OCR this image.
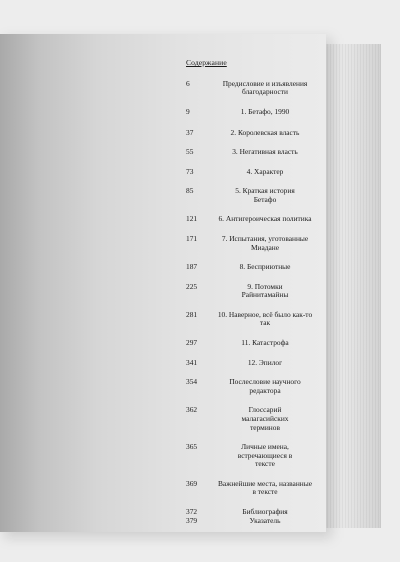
Содержание
6	Предисловие и изъявления благодарности
9	1. Бетафо, 1990
37	2. Королевская власть
55	3. Негативная власть
73	4. Характер
85	5. Краткая история Бетафо
121	6. Антигероическая политика
171	7. Испытания, уготованные Миадане
187	8. Бесприютные
225	9. Потомки Райнитамайны
281	10. Наверное, всё было как-то так
297	11. Катастрофа
341	12. Эпилог
354	Послесловие научного редактора
362	Глоссарий малагасийских терминов
365	Личные имена, встречающиеся в тексте
369	Важнейшие места, названные в тексте
372	Библиография
379	Указатель
